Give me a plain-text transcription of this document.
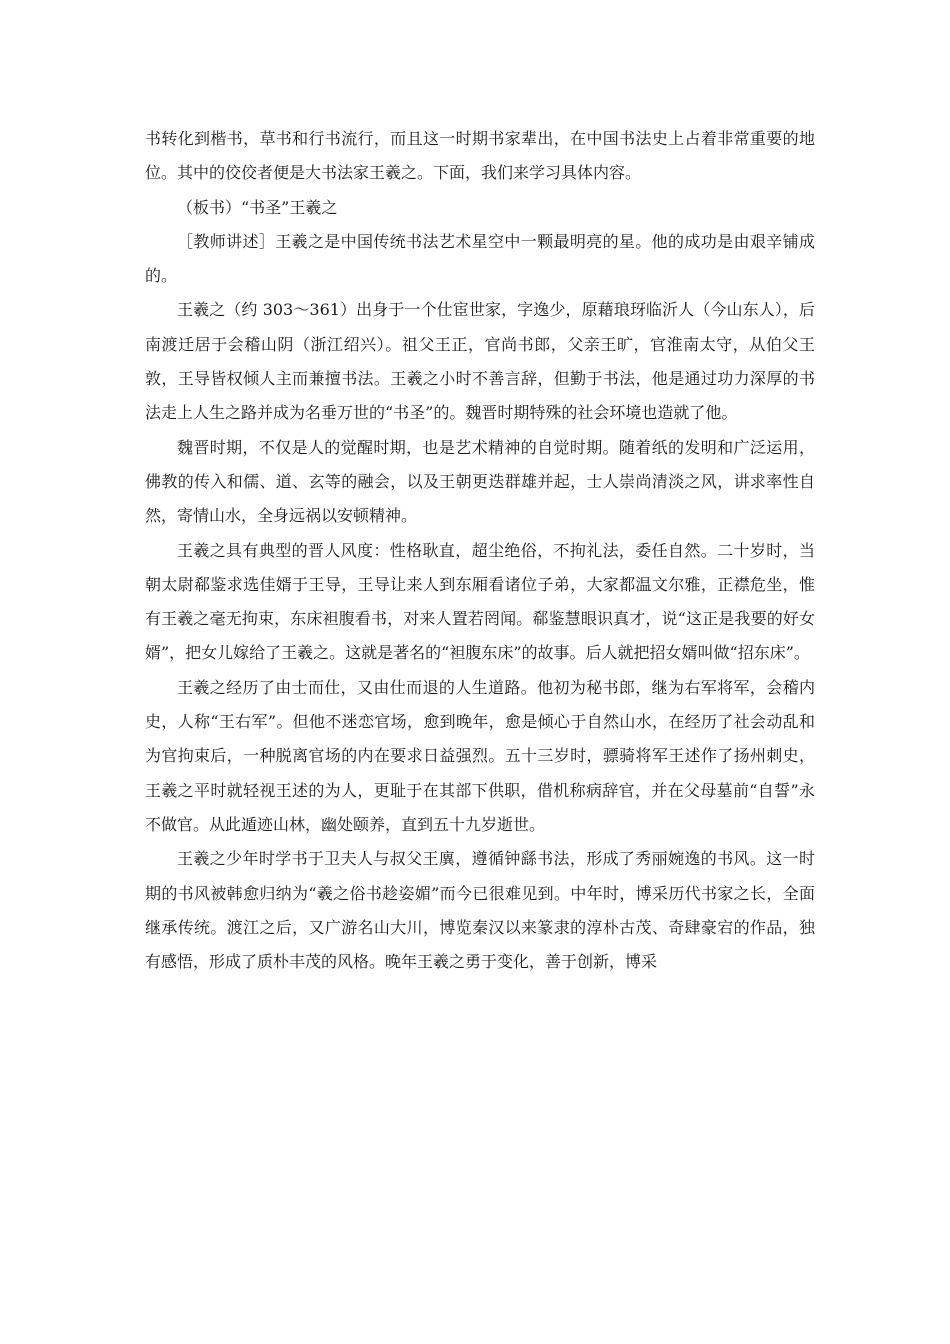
书转化到楷书，草书和行书流行，而且这一时期书家辈出，在中国书法史上占着非常重要的地位。其中的佼佼者便是大书法家王羲之。下面，我们来学习具体内容。

（板书）“书圣”王羲之

［教师讲述］王羲之是中国传统书法艺术星空中一颗最明亮的星。他的成功是由艰辛铺成的。

王羲之（约 303～361）出身于一个仕宦世家，字逸少，原藉琅玡临沂人（今山东人），后南渡迁居于会稽山阴（浙江绍兴）。祖父王正，官尚书郎，父亲王旷，官淮南太守，从伯父王敦，王导皆权倾人主而兼擅书法。王羲之小时不善言辞，但勤于书法，他是通过功力深厚的书法走上人生之路并成为名垂万世的“书圣”的。魏晋时期特殊的社会环境也造就了他。

魏晋时期，不仅是人的觉醒时期，也是艺术精神的自觉时期。随着纸的发明和广泛运用，佛教的传入和儒、道、玄等的融会，以及王朝更迭群雄并起，士人崇尚清淡之风，讲求率性自然，寄情山水，全身远祸以安顿精神。

王羲之具有典型的晋人风度：性格耿直，超尘绝俗，不拘礼法，委任自然。二十岁时，当朝太尉郗鉴求选佳婿于王导，王导让来人到东厢看诸位子弟，大家都温文尔雅，正襟危坐，惟有王羲之毫无拘束，东床袒腹看书，对来人置若罔闻。郗鉴慧眼识真才，说“这正是我要的好女婿”，把女儿嫁给了王羲之。这就是著名的“袒腹东床”的故事。后人就把招女婿叫做“招东床”。

王羲之经历了由士而仕，又由仕而退的人生道路。他初为秘书郎，继为右军将军，会稽内史，人称“王右军”。但他不迷恋官场，愈到晚年，愈是倾心于自然山水，在经历了社会动乱和为官拘束后，一种脱离官场的内在要求日益强烈。五十三岁时，骠骑将军王述作了扬州刺史，王羲之平时就轻视王述的为人，更耻于在其部下供职，借机称病辞官，并在父母墓前“自誓”永不做官。从此遁迹山林，幽处颐养，直到五十九岁逝世。

王羲之少年时学书于卫夫人与叔父王廙，遵循钟繇书法，形成了秀丽婉逸的书风。这一时期的书风被韩愈归纳为“羲之俗书趁姿媚”而今已很难见到。中年时，博采历代书家之长，全面继承传统。渡江之后，又广游名山大川，博览秦汉以来篆隶的淳朴古茂、奇肆豪宕的作品，独有感悟，形成了质朴丰茂的风格。晚年王羲之勇于变化，善于创新，博采
